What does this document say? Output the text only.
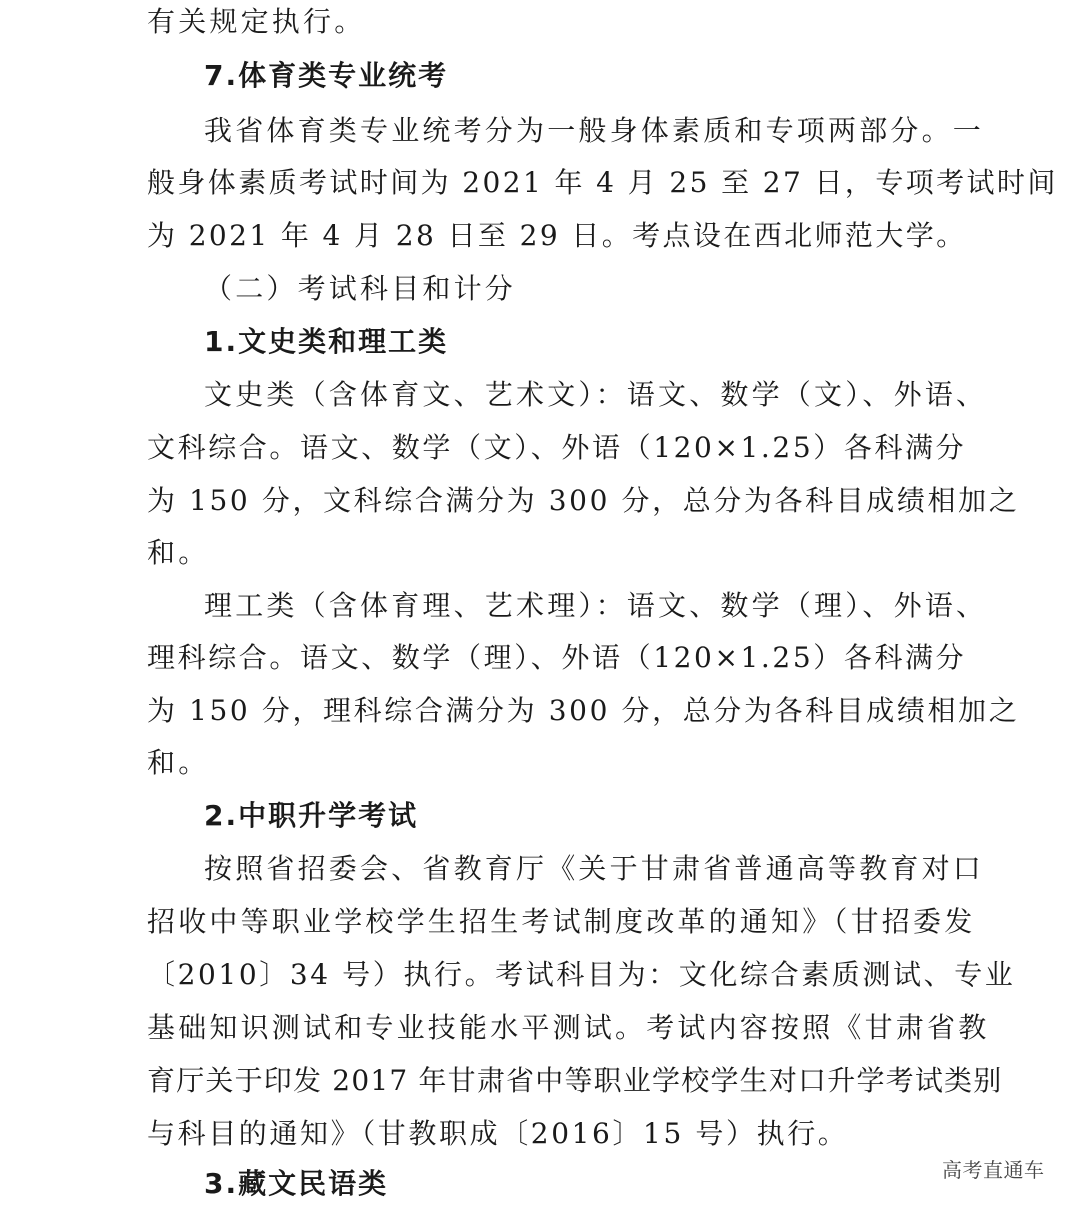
有关规定执行。
7.体育类专业统考
我省体育类专业统考分为一般身体素质和专项两部分。一
般身体素质考试时间为 2021 年 4 月 25 至 27 日，专项考试时间
为 2021 年 4 月 28 日至 29 日。考点设在西北师范大学。
（二）考试科目和计分
1.文史类和理工类
文史类（含体育文、艺术文）：语文、数学（文）、外语、
文科综合。语文、数学（文）、外语（120×1.25）各科满分
为 150 分，文科综合满分为 300 分，总分为各科目成绩相加之
和。
理工类（含体育理、艺术理）：语文、数学（理）、外语、
理科综合。语文、数学（理）、外语（120×1.25）各科满分
为 150 分，理科综合满分为 300 分，总分为各科目成绩相加之
和。
2.中职升学考试
按照省招委会、省教育厅《关于甘肃省普通高等教育对口
招收中等职业学校学生招生考试制度改革的通知》（甘招委发
〔2010〕34 号）执行。考试科目为：文化综合素质测试、专业
基础知识测试和专业技能水平测试。考试内容按照《甘肃省教
育厅关于印发 2017 年甘肃省中等职业学校学生对口升学考试类别
与科目的通知》（甘教职成〔2016〕15 号）执行。
3.藏文民语类	高考直通车
